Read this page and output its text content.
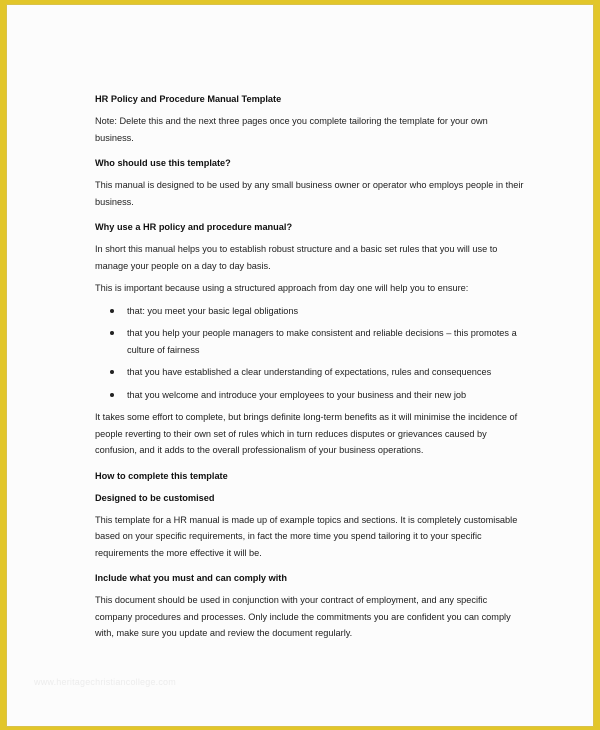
HR Policy and Procedure Manual Template

Note: Delete this and the next three pages once you complete tailoring the template for your own business.

Who should use this template?

This manual is designed to be used by any small business owner or operator who employs people in their business.

Why use a HR policy and procedure manual?

In short this manual helps you to establish robust structure and a basic set rules that you will use to manage your people on a day to day basis.

This is important because using a structured approach from day one will help you to ensure:

that: you meet your basic legal obligations
that you help your people managers to make consistent and reliable decisions – this promotes a culture of fairness
that you have established a clear understanding of expectations, rules and consequences
that you welcome and introduce your employees to your business and their new job

It takes some effort to complete, but brings definite long-term benefits as it will minimise the incidence of people reverting to their own set of rules which in turn reduces disputes or grievances caused by confusion, and it adds to the overall professionalism of your business operations.

How to complete this template
Designed to be customised

This template for a HR manual is made up of example topics and sections. It is completely customisable based on your specific requirements, in fact the more time you spend tailoring it to your specific requirements the more effective it will be.

Include what you must and can comply with

This document should be used in conjunction with your contract of employment, and any specific company procedures and processes. Only include the commitments you are confident you can comply with, make sure you update and review the document regularly.

www.heritagechristiancollege.com
